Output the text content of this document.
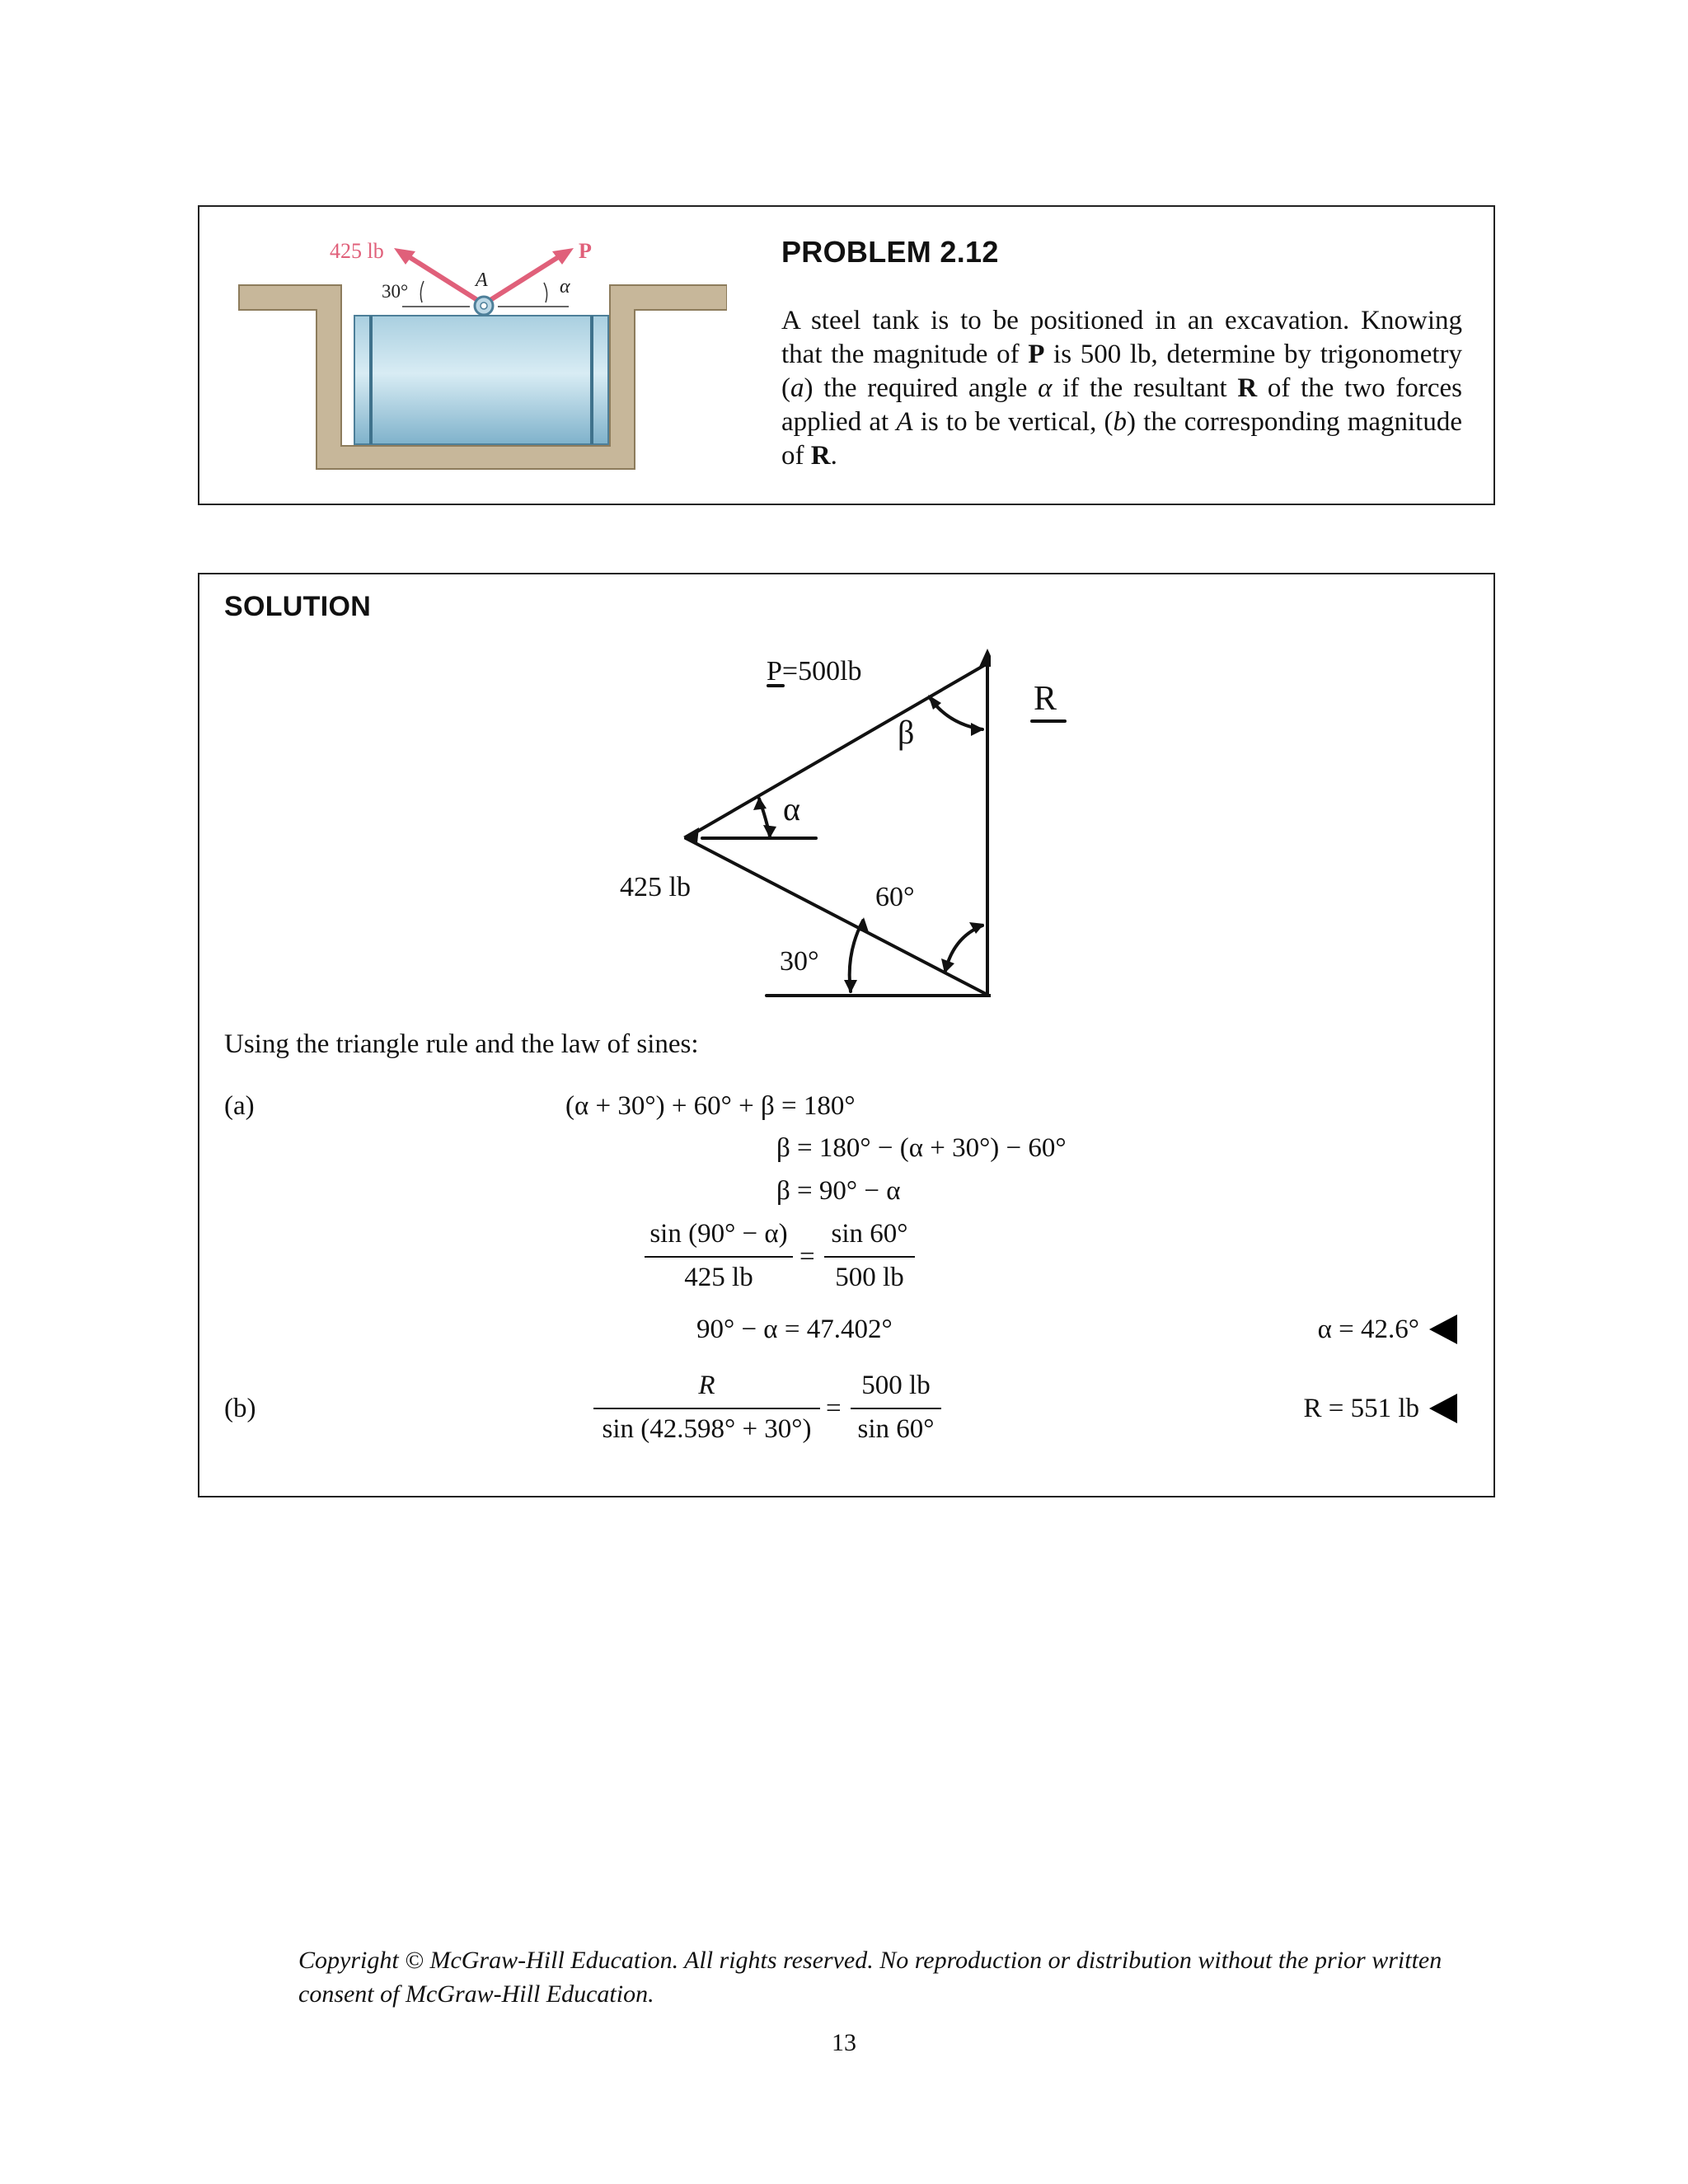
425 lb	P
A
30°	α
PROBLEM 2.12
A steel tank is to be positioned in an excavation. Knowing that the magnitude of P is 500 lb, determine by trigonometry (a) the required angle α if the resultant R of the two forces applied at A is to be vertical, (b) the corresponding magnitude of R.
SOLUTION
P=500lb
β
α
425 lb	60°
30°
R
Using the triangle rule and the law of sines:
(a)	(α + 30°) + 60° + β = 180°
β = 180° − (α + 30°) − 60°
β = 90° − α
$\frac{\sin (90^\circ - \alpha)}{425 lb} = \frac{\sin 60^\circ}{500 lb}$
90° − α = 47.402°	α = 42.6°
(b)	$\frac{R}{\sin (42.598^\circ + 30^\circ)} = \frac{500 lb}{\sin 60^\circ}$	R = 551 lb
Copyright © McGraw-Hill Education. All rights reserved. No reproduction or distribution without the prior written consent of McGraw-Hill Education.
13
